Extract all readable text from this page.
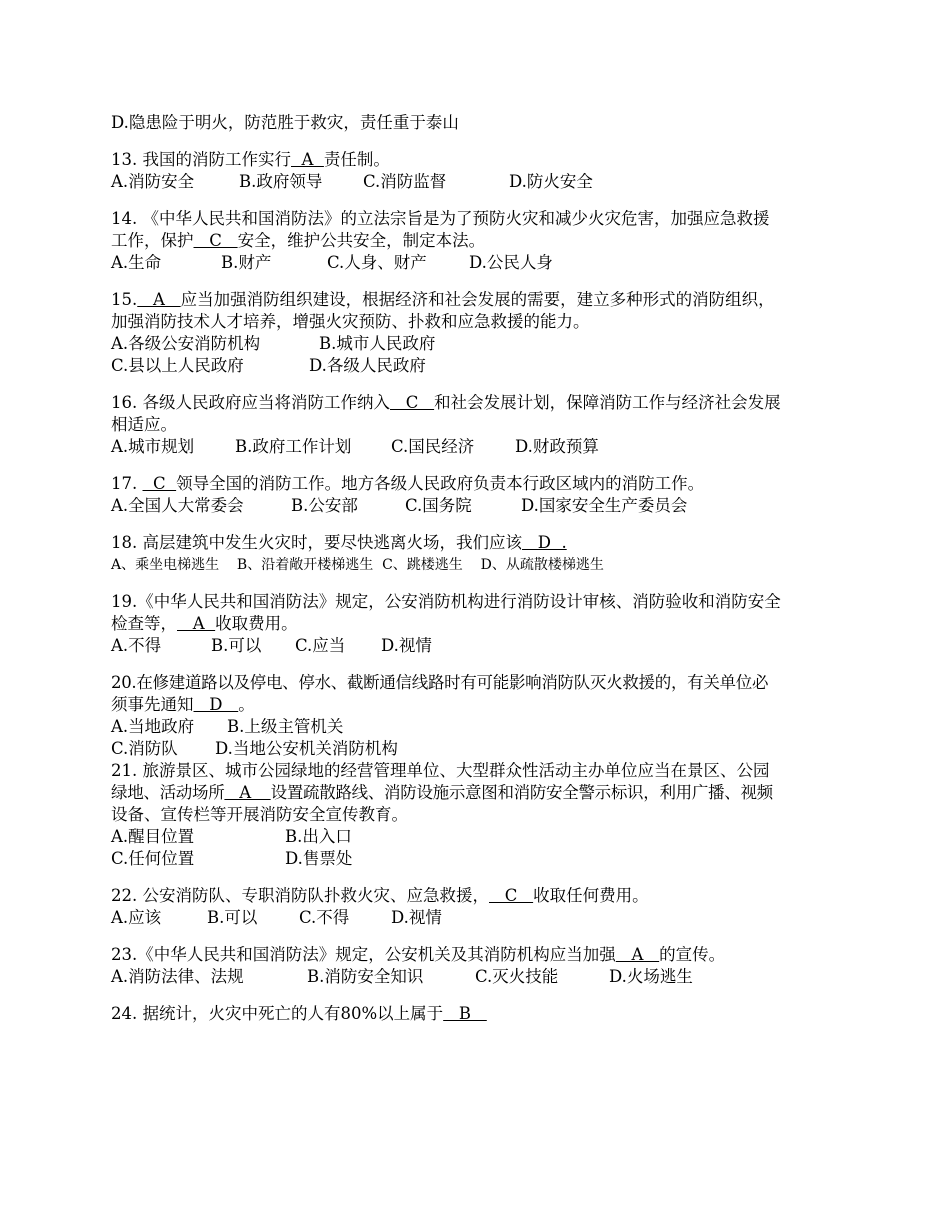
D.隐患险于明火，防范胜于救灾，责任重于泰山
13. 我国的消防工作实行  A  责任制。
A.消防安全	B.政府领导 C.消防监督	D.防火安全
14. 《中华人民共和国消防法》的立法宗旨是为了预防火灾和减少火灾危害，加强应急救援
工作，保护   C   安全，维护公共安全，制定本法。
A.生命	B.财产	C.人身、财产	D.公民人身
15.   A   应当加强消防组织建设，根据经济和社会发展的需要，建立多种形式的消防组织，
加强消防技术人才培养，增强火灾预防、扑救和应急救援的能力。
A.各级公安消防机构	B.城市人民政府
C.县以上人民政府	D.各级人民政府
16. 各级人民政府应当将消防工作纳入   C   和社会发展计划，保障消防工作与经济社会发展
相适应。
A.城市规划 B.政府工作计划 C.国民经济 D.财政预算
17.   C  领导全国的消防工作。地方各级人民政府负责本行政区域内的消防工作。
A.全国人大常委会	B.公安部	C.国务院	D.国家安全生产委员会
18. 高层建筑中发生火灾时，要尽快逃离火场，我们应该   D  .
A、乘坐电梯逃生    B、沿着敞开楼梯逃生  C、跳楼逃生    D、从疏散楼梯逃生
19.《中华人民共和国消防法》规定，公安消防机构进行消防设计审核、消防验收和消防安全
检查等，   A  收取费用。
A.不得	B.可以 C.应当 D.视情
20.在修建道路以及停电、停水、截断通信线路时有可能影响消防队灭火救援的，有关单位必
须事先通知   D   。
A.当地政府 B.上级主管机关
C.消防队 D.当地公安机关消防机构
21. 旅游景区、城市公园绿地的经营管理单位、大型群众性活动主办单位应当在景区、公园
绿地、活动场所   A    设置疏散路线、消防设施示意图和消防安全警示标识，利用广播、视频
设备、宣传栏等开展消防安全宣传教育。
A.醒目位置	B.出入口
C.任何位置	D.售票处
22. 公安消防队、专职消防队扑救火灾、应急救援，   C   收取任何费用。
A.应该	B.可以	C.不得	D.视情
23.《中华人民共和国消防法》规定，公安机关及其消防机构应当加强   A   的宣传。
A.消防法律、法规	B.消防安全知识	C.灭火技能	D.火场逃生
24. 据统计，火灾中死亡的人有80%以上属于   B
